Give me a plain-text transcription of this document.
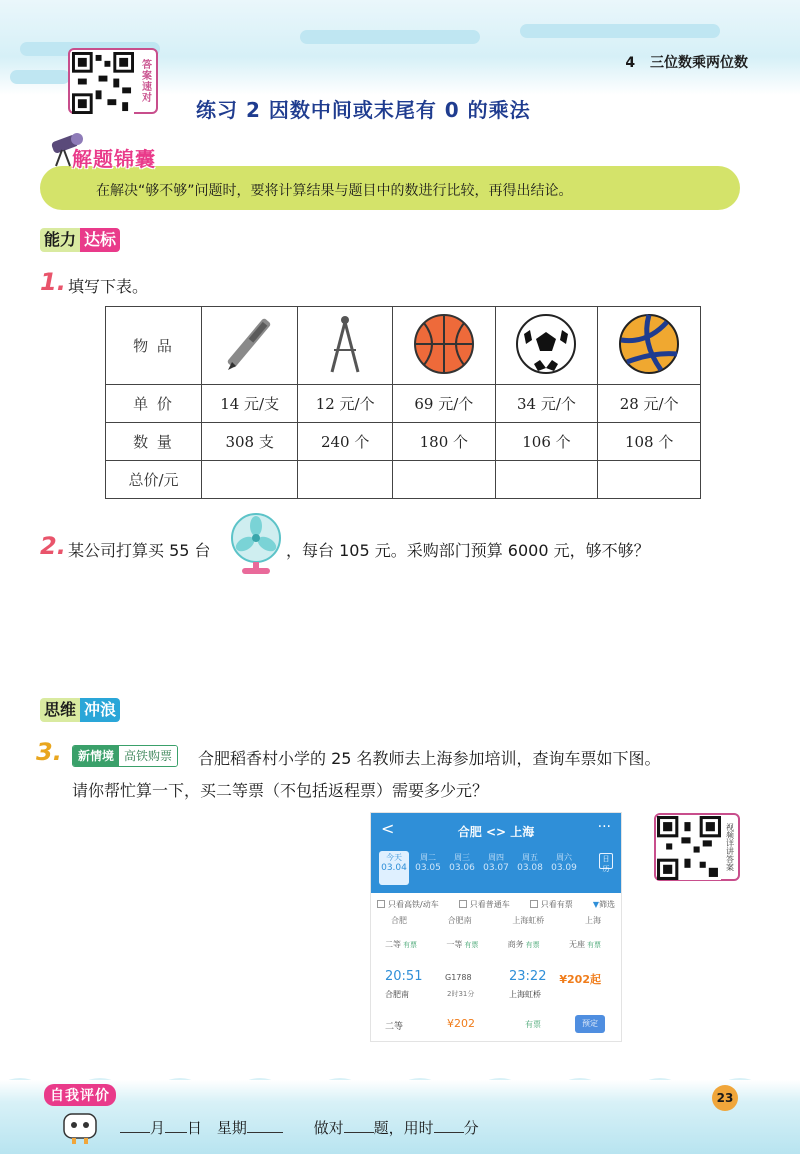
4 三位数乘两位数
答案速对
练习 2 因数中间或末尾有 0 的乘法
解题锦囊
在解决“够不够”问题时，要将计算结果与题目中的数进行比较，再得出结论。
能力 达标
1. 填写下表。
物 品					
单 价	14 元/支	12 元/个	69 元/个	34 元/个	28 元/个
数 量	308 支	240 个	180 个	106 个	108 个
总价/元					
2. 某公司打算买 55 台	，每台 105 元。采购部门预算 6000 元，够不够？
思维 冲浪
3.	新情境 高铁购票	合肥稻香村小学的 25 名教师去上海参加培训，查询车票如下图。
请你帮忙算一下，买二等票（不包括返程票）需要多少元？
<	合肥 <> 上海	···
今天
03.04
周二
03.05
周三
03.06
周四
03.07
周五
03.08
周六
03.09
日历
只看高铁/动车	只看普通车	只看有票	▼筛选
合肥	合肥南	上海虹桥	上海
二等 有票	一等 有票	商务 有票	无座 有票
20:51	G1788	23:22 ¥202起
合肥南	2时31分	上海虹桥
二等	¥202	有票	预定
视频详讲答案
自我评价
月 日 星期	做对 题，用时 分
23
